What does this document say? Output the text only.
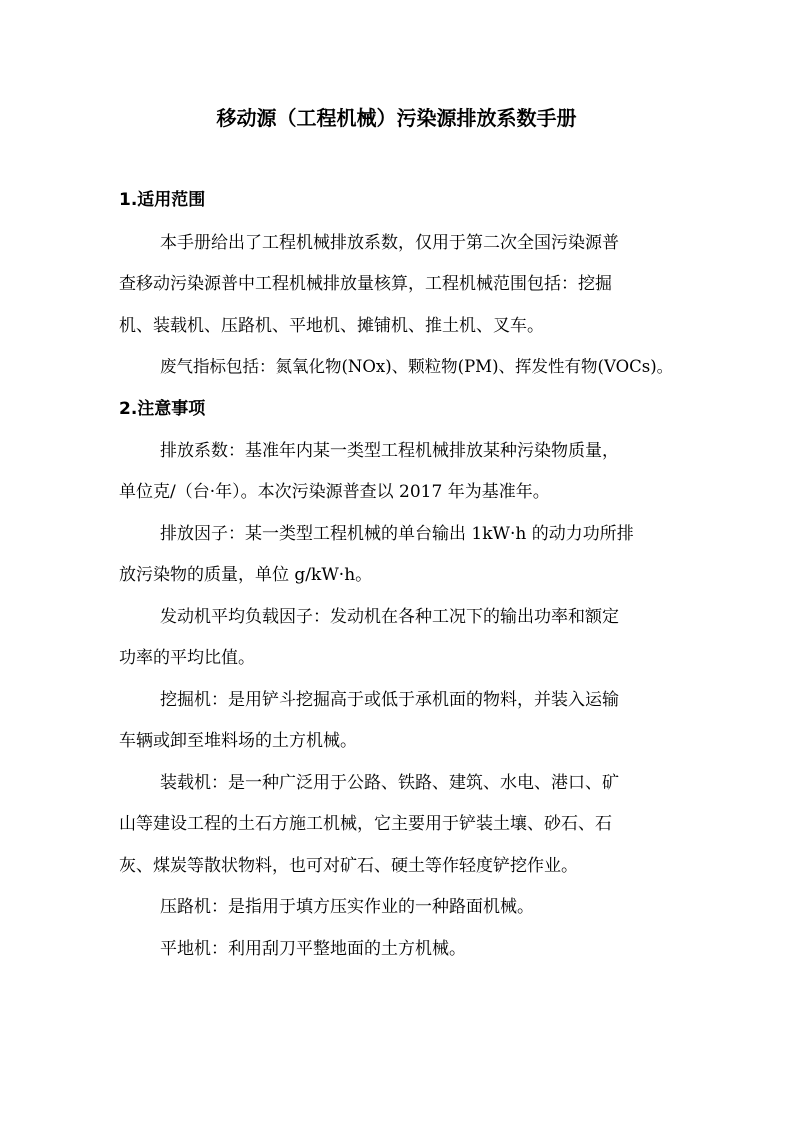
移动源（工程机械）污染源排放系数手册
1.适用范围

本手册给出了工程机械排放系数，仅用于第二次全国污染源普

查移动污染源普中工程机械排放量核算，工程机械范围包括：挖掘

机、装载机、压路机、平地机、摊铺机、推土机、叉车。

废气指标包括：氮氧化物(NOx)、颗粒物(PM)、挥发性有物(VOCs)。

2.注意事项

排放系数：基准年内某一类型工程机械排放某种污染物质量，

单位克/（台·年）。本次污染源普查以 2017 年为基准年。

排放因子：某一类型工程机械的单台输出 1kW·h 的动力功所排

放污染物的质量，单位 g/kW·h。

发动机平均负载因子：发动机在各种工况下的输出功率和额定

功率的平均比值。

挖掘机：是用铲斗挖掘高于或低于承机面的物料，并装入运输

车辆或卸至堆料场的土方机械。

装载机：是一种广泛用于公路、铁路、建筑、水电、港口、矿

山等建设工程的土石方施工机械，它主要用于铲装土壤、砂石、石

灰、煤炭等散状物料，也可对矿石、硬土等作轻度铲挖作业。

压路机：是指用于填方压实作业的一种路面机械。

平地机：利用刮刀平整地面的土方机械。
